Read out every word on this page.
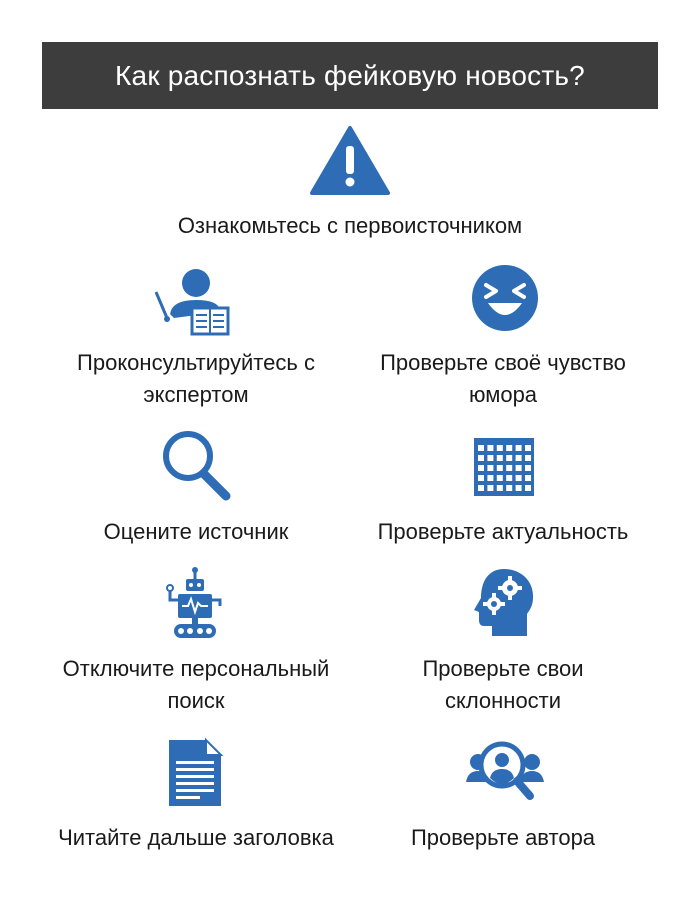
Как распознать фейковую новость?
Ознакомьтесь с первоисточником
Проконсультируйтесь с
экспертом
Проверьте своё чувство
юмора
Оцените источник	Проверьте актуальность
Отключите персональный
поиск
Проверьте свои
склонности
Читайте дальше заголовка	Проверьте автора
